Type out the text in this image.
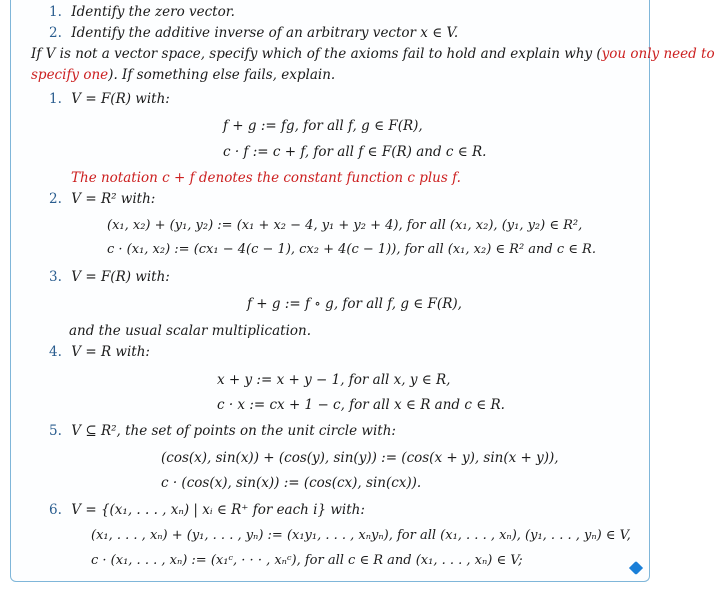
1. Identify the zero vector.
2. Identify the additive inverse of an arbitrary vector x ∈ V.
If V is not a vector space, specify which of the axioms fail to hold and explain why (you only need to
specify one). If something else fails, explain.
1. V = F(R) with:
f + g := fg, for all f, g ∈ F(R),
c · f := c + f, for all f ∈ F(R) and c ∈ R.
The notation c + f denotes the constant function c plus f.
2. V = R² with:
(x₁, x₂) + (y₁, y₂) := (x₁ + x₂ − 4, y₁ + y₂ + 4), for all (x₁, x₂), (y₁, y₂) ∈ R²,
c · (x₁, x₂) := (cx₁ − 4(c − 1), cx₂ + 4(c − 1)), for all (x₁, x₂) ∈ R² and c ∈ R.
3. V = F(R) with:
f + g := f ∘ g, for all f, g ∈ F(R),
and the usual scalar multiplication.
4. V = R with:
x + y := x + y − 1, for all x, y ∈ R,
c · x := cx + 1 − c, for all x ∈ R and c ∈ R.
5. V ⊆ R², the set of points on the unit circle with:
(cos(x), sin(x)) + (cos(y), sin(y)) := (cos(x + y), sin(x + y)),
c · (cos(x), sin(x)) := (cos(cx), sin(cx)).
6. V = {(x₁, . . . , xₙ) | xᵢ ∈ R⁺ for each i} with:
(x₁, . . . , xₙ) + (y₁, . . . , yₙ) := (x₁y₁, . . . , xₙyₙ), for all (x₁, . . . , xₙ), (y₁, . . . , yₙ) ∈ V,
c · (x₁, . . . , xₙ) := (x₁ᶜ, · · · , xₙᶜ), for all c ∈ R and (x₁, . . . , xₙ) ∈ V;
